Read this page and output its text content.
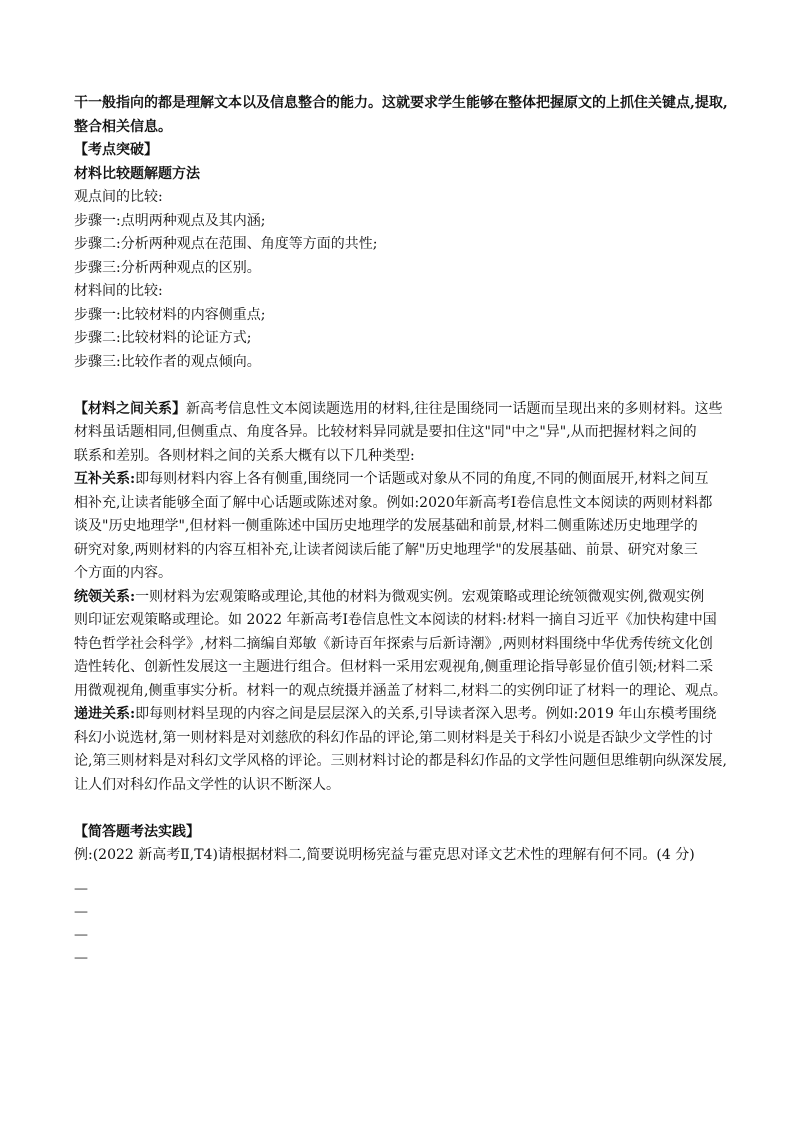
干一般指向的都是理解文本以及信息整合的能力。这就要求学生能够在整体把握原文的上抓住关键点,提取,
整合相关信息。
【考点突破】
材料比较题解题方法
观点间的比较:
步骤一:点明两种观点及其内涵;
步骤二:分析两种观点在范围、角度等方面的共性;
步骤三:分析两种观点的区别。
材料间的比较:
步骤一:比较材料的内容侧重点;
步骤二:比较材料的论证方式;
步骤三:比较作者的观点倾向。
【材料之间关系】新高考信息性文本阅读题选用的材料,往往是围绕同一话题而呈现出来的多则材料。这些
材料虽话题相同,但侧重点、角度各异。比较材料异同就是要扣住这"同"中之"异",从而把握材料之间的
联系和差别。各则材料之间的关系大概有以下几种类型:
互补关系:即每则材料内容上各有侧重,围绕同一个话题或对象从不同的角度,不同的侧面展开,材料之间互
相补充,让读者能够全面了解中心话题或陈述对象。例如:2020年新高考Ⅰ卷信息性文本阅读的两则材料都
谈及"历史地理学",但材料一侧重陈述中国历史地理学的发展基础和前景,材料二侧重陈述历史地理学的
研究对象,两则材料的内容互相补充,让读者阅读后能了解"历史地理学"的发展基础、前景、研究对象三
个方面的内容。
统领关系:一则材料为宏观策略或理论,其他的材料为微观实例。宏观策略或理论统领微观实例,微观实例
则印证宏观策略或理论。如 2022 年新高考Ⅰ卷信息性文本阅读的材料:材料一摘自习近平《加快构建中国
特色哲学社会科学》,材料二摘编自郑敏《新诗百年探索与后新诗潮》,两则材料围绕中华优秀传统文化创
造性转化、创新性发展这一主题进行组合。但材料一采用宏观视角,侧重理论指导彰显价值引领;材料二采
用微观视角,侧重事实分析。材料一的观点统摄并涵盖了材料二,材料二的实例印证了材料一的理论、观点。
递进关系:即每则材料呈现的内容之间是层层深入的关系,引导读者深入思考。例如:2019 年山东模考围绕
科幻小说选材,第一则材料是对刘慈欣的科幻作品的评论,第二则材料是关于科幻小说是否缺少文学性的讨
论,第三则材料是对科幻文学风格的评论。三则材料讨论的都是科幻作品的文学性问题但思维朝向纵深发展,
让人们对科幻作品文学性的认识不断深人。
【简答题考法实践】
例:(2022 新高考Ⅱ,T4)请根据材料二,简要说明杨宪益与霍克思对译文艺术性的理解有何不同。(4 分)
—
—
—
—
